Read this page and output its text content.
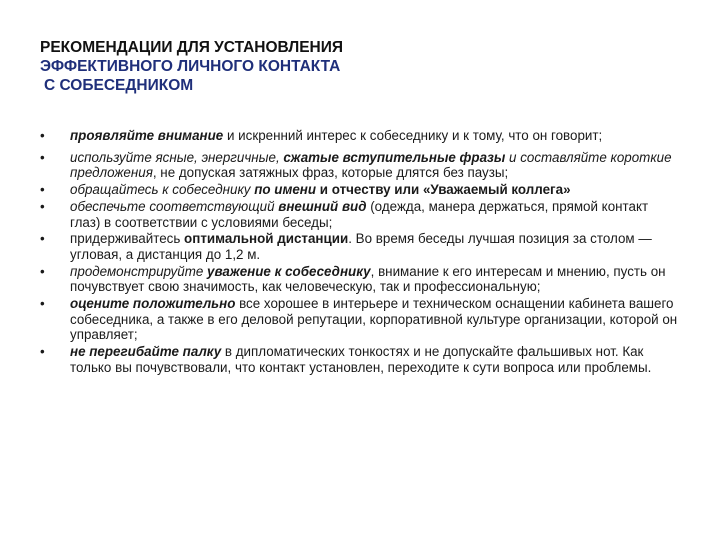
РЕКОМЕНДАЦИИ ДЛЯ УСТАНОВЛЕНИЯ
ЭФФЕКТИВНОГО ЛИЧНОГО КОНТАКТА
С СОБЕСЕДНИКОМ
•	проявляйте внимание и искренний интерес к собеседнику и к тому, что он говорит;
•	используйте ясные, энергичные, сжатые вступительные фразы и составляйте короткие предложения, не допуская затяжных фраз, которые длятся без паузы;
•	обращайтесь к собеседнику по имени и отчеству или «Уважаемый коллега»
•	обеспечьте соответствующий внешний вид (одежда, манера держаться, прямой контакт глаз) в соответствии с условиями беседы;
•	придерживайтесь оптимальной дистанции. Во время беседы лучшая позиция за столом — угловая, а дистанция до 1,2 м.
•	продемонстрируйте уважение к собеседнику, внимание к его интересам и мнению, пусть он почувствует свою значимость, как человеческую, так и профессиональную;
•	оцените положительно все хорошее в интерьере и техническом оснащении кабинета вашего собеседника, а также в его деловой репутации, корпоративной культуре организации, которой он управляет;
•	не перегибайте палку в дипломатических тонкостях и не допускайте фальшивых нот. Как только вы почувствовали, что контакт установлен, переходите к сути вопроса или проблемы.
